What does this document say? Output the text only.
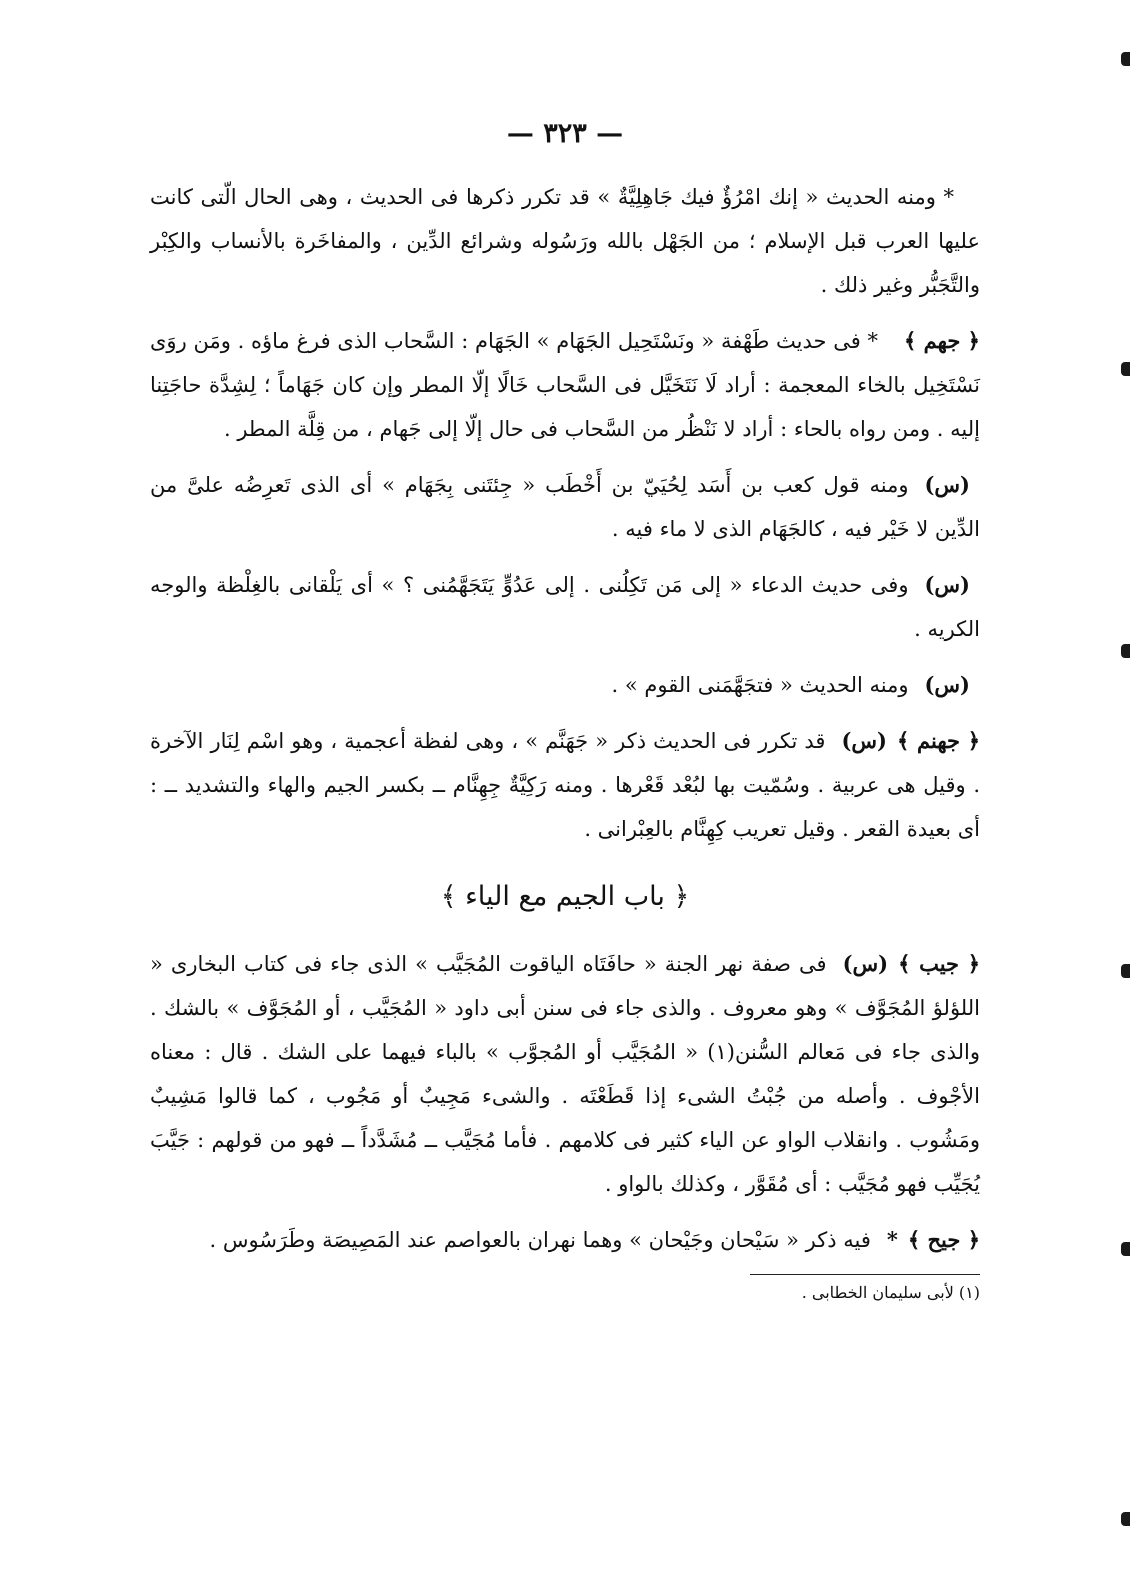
— ٣٢٣ —

* ومنه الحديث « إنك امْرُؤٌ فيك جَاهِلِيَّةٌ » قد تكرر ذكرها فى الحديث ، وهى الحال الّتى كانت عليها العرب قبل الإسلام ؛ من الجَهْل بالله ورَسُوله وشرائع الدِّين ، والمفاخَرة بالأنساب والكِبْر والتَّجَبُّر وغير ذلك .

﴿ جهم ﴾* فى حديث طَهْفة « ونَسْتَحِيل الجَهَام » الجَهَام : السَّحاب الذى فرغ ماؤه . ومَن روَى نَسْتَخِيل بالخاء المعجمة : أراد لَا نَتَخَيَّل فى السَّحاب خَالًا إلّا المطر وإن كان جَهَاماً ؛ لِشِدَّة حاجَتِنا إليه . ومن رواه بالحاء : أراد لا نَنْظُر من السَّحاب فى حال إلّا إلى جَهام ، من قِلَّة المطر .

(س)ومنه قول كعب بن أَسَد لِحُيَيّ بن أَخْطَب « جِئتَنى بِجَهَام » أى الذى تَعرِضُه علىَّ من الدِّين لا خَيْر فيه ، كالجَهَام الذى لا ماء فيه .

(س)وفى حديث الدعاء « إلى مَن تَكِلُنى . إلى عَدُوٍّ يَتَجَهَّمُنى ؟ » أى يَلْقانى بالغِلْظة والوجه الكريه .

(س)ومنه الحديث « فتجَهَّمَنى القوم » .

﴿ جهنم ﴾(س)قد تكرر فى الحديث ذكر « جَهَنَّم » ، وهى لفظة أعجمية ، وهو اسْم لِنَار الآخرة . وقيل هى عربية . وسُمّيت بها لبُعْد قَعْرها . ومنه رَكِيَّةٌ جِهِنَّام ــ بكسر الجيم والهاء والتشديد ــ : أى بعيدة القعر . وقيل تعريب كِهِنَّام بالعِبْرانى .

﴿ باب الجيم مع الياء ﴾

﴿ جيب ﴾(س)فى صفة نهر الجنة « حافَتَاه الياقوت المُجَيَّب » الذى جاء فى كتاب البخارى « اللؤلؤ المُجَوَّف » وهو معروف . والذى جاء فى سنن أبى داود « المُجَيَّب ، أو المُجَوَّف » بالشك . والذى جاء فى مَعالم السُّنن(١) « المُجَيَّب أو المُجوَّب » بالباء فيهما على الشك . قال : معناه الأجْوف . وأصله من جُبْتُ الشىء إذا قَطَعْتَه . والشىء مَجِيبٌ أو مَجُوب ، كما قالوا مَشِيبٌ ومَشُوب . وانقلاب الواو عن الياء كثير فى كلامهم . فأما مُجَيَّب ــ مُشَدَّداً ــ فهو من قولهم : جَيَّبَ يُجَيِّب فهو مُجَيَّب : أى مُقَوَّر ، وكذلك بالواو .

﴿ جيح ﴾*فيه ذكر « سَيْحان وجَيْحان » وهما نهران بالعواصم عند المَصِيصَة وطَرَسُوس .

(١) لأبى سليمان الخطابى .
